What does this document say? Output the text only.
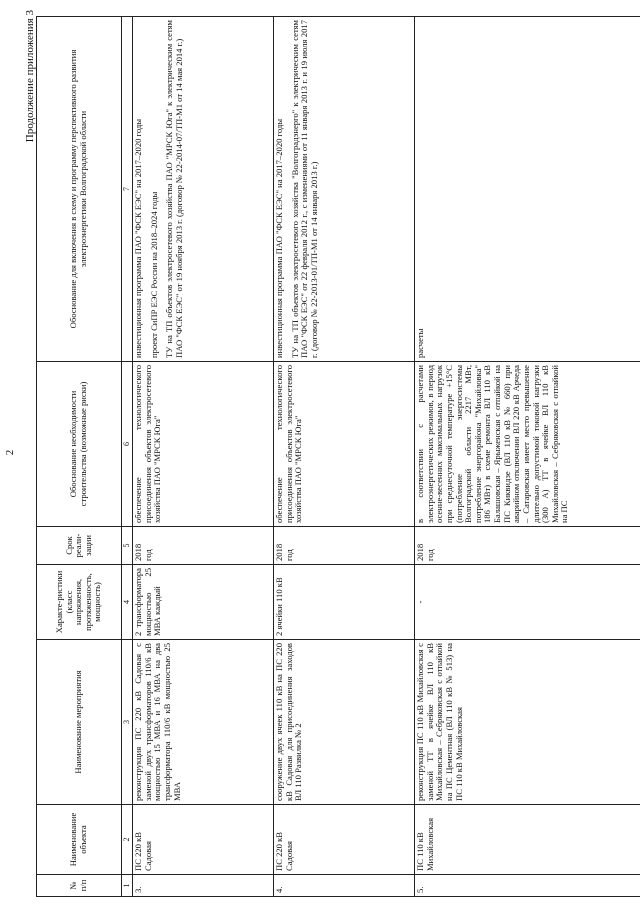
2
Продолжение приложения 3
№ п/п	Наименование объекта	Наименование мероприятия	Характе-ристики (класс напряжения, протяженность, мощность)	Срок реали-зации	Обоснование необходимости строительства (возможные риски)	Обоснование для включения в схему и программу перспективного развития электроэнергетики Волгоградской области
1	2	3	4	5	6	7
3.	ПС 220 кВ Садовая	реконструкция ПС 220 кВ Садовая с заменой двух трансформаторов 110/6 кВ мощностью 15 МВА и 16 МВА на два трансформатора 110/6 кВ мощностью 25 МВА	2 трансформатора мощностью 25 МВА каждый	2018 год	обеспечение технологического присоединения объектов электросетевого хозяйства ПАО "МРСК Юга"	инвестиционная программа ПАО "ФСК ЕЭС" на 2017–2020 годы проект СиПР ЕЭС России на 2018–2024 годы ТУ на ТП объектов электросетевого хозяйства ПАО "МРСК Юга" к электрическим сетям ПАО "ФСК ЕЭС" от 19 ноября 2013 г. (договор № 22-2014-07/ТП-М1 от 14 мая 2014 г.)

4.	ПС 220 кВ Садовая	сооружение двух ячеек 110 кВ на ПС 220 кВ Садовая для присоединения заходов ВЛ 110 Развилка № 2	2 ячейки 110 кВ	2018 год	обеспечение технологического присоединения объектов электросетевого хозяйства ПАО "МРСК Юга"	инвестиционная программа ПАО "ФСК ЕЭС" на 2017–2020 годы ТУ на ТП объектов электросетевого хозяйства "Волгоградэнерго" к электрическим сетям ПАО "ФСК ЕЭС" от 22 февраля 2012 г., с изменениями от 11 января 2013 г. и 19 июля 2017 г. (договор № 22-2013-01/ТП-М1 от 14 января 2013 г.)

5.	ПС 110 кВ Михайловская	реконструкция ПС 110 кВ Михайловская с заменой ТТ в ячейке ВЛ 110 кВ Михайловская – Себряковская с отпайкой на ПС Цементная (ВЛ 110 кВ № 513) на ПС 110 кВ Михайловская	-	2018 год	в соответствии с расчетами электроэнергетических режимов, в период осенне-весенних максимальных нагрузок при среднесуточной температуре +15°С (потребление энергосистемы Волгоградской области 2217 МВт, потребление энергорайона "Михайловка" 186 МВт) в схеме ремонта ВЛ 110 кВ Балашовская – Ярыженская с отпайкой на ПС Киквидзе (ВЛ 110 кВ № 660) при аварийном отключении ВЛ 220 кВ Арчеда – Сатаровская имеет место превышение длительно допустимой токовой нагрузки (300 А) ТТ в ячейке ВЛ 110 кВ Михайловская – Себряковская с отпайкой на ПС	расчеты
